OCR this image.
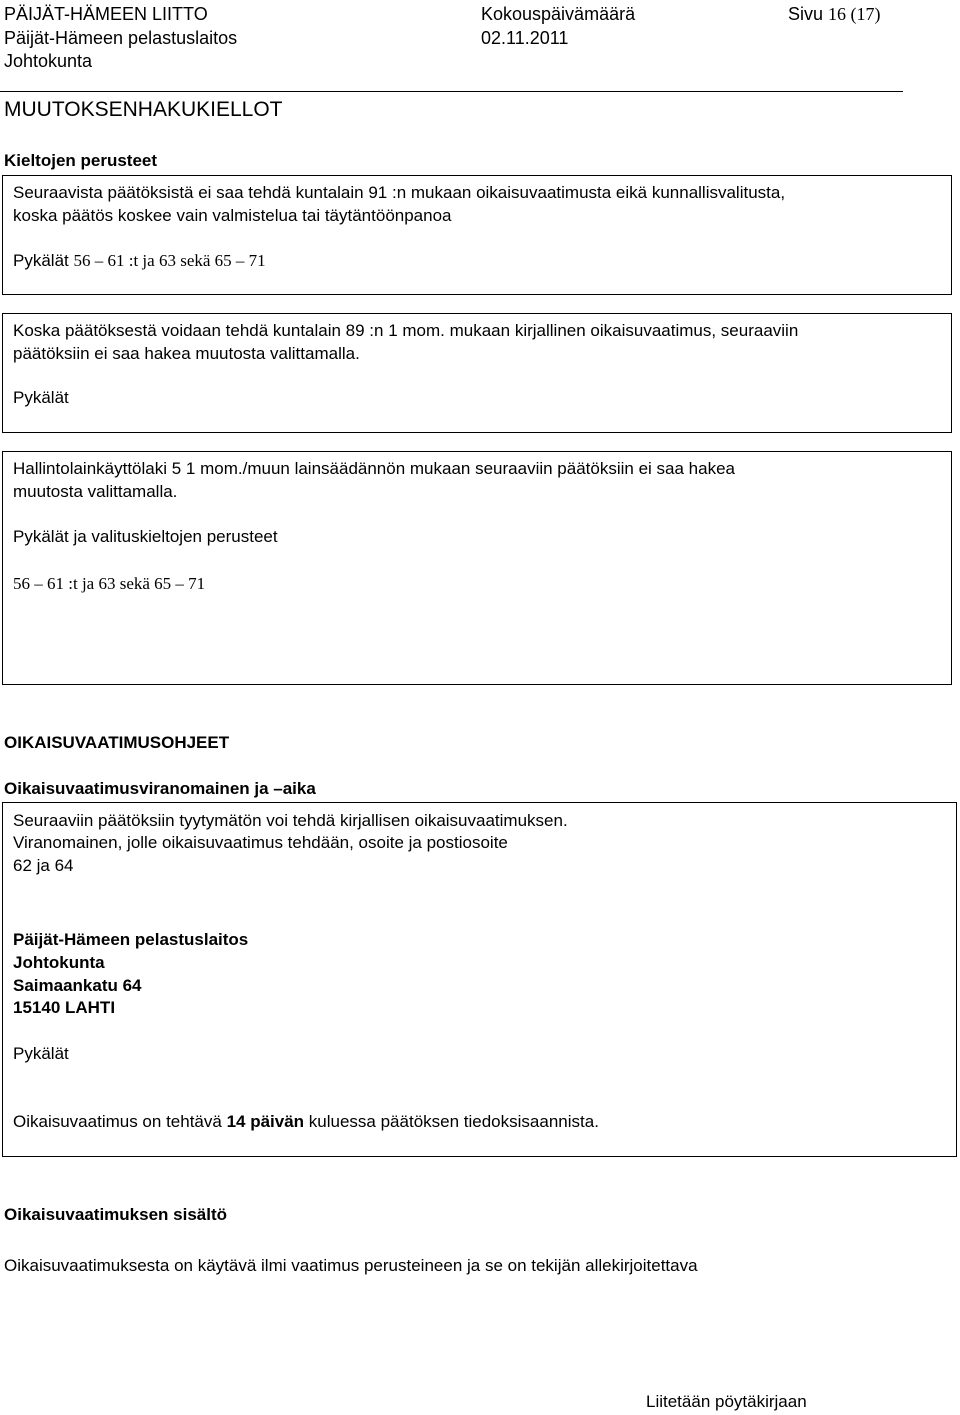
PÄIJÄT-HÄMEEN LIITTO
Päijät-Hämeen pelastuslaitos
Johtokunta
Kokouspäivämäärä
02.11.2011
Sivu 16 (17)
MUUTOKSENHAKUKIELLOT
Kieltojen perusteet
Seuraavista päätöksistä ei saa tehdä kuntalain 91 :n mukaan oikaisuvaatimusta eikä kunnallisvalitusta,
koska päätös koskee vain valmistelua tai täytäntöönpanoa
Pykälät 56 – 61 :t ja 63 sekä 65 – 71
Koska päätöksestä voidaan tehdä kuntalain 89 :n 1 mom. mukaan kirjallinen oikaisuvaatimus, seuraaviin
päätöksiin ei saa hakea muutosta valittamalla.
Pykälät
Hallintolainkäyttölaki 5 1 mom./muun lainsäädännön mukaan seuraaviin päätöksiin ei saa hakea
muutosta valittamalla.
Pykälät ja valituskieltojen perusteet
56 – 61 :t ja 63 sekä 65 – 71
OIKAISUVAATIMUSOHJEET
Oikaisuvaatimusviranomainen ja –aika
Seuraaviin päätöksiin tyytymätön voi tehdä kirjallisen oikaisuvaatimuksen.
Viranomainen, jolle oikaisuvaatimus tehdään, osoite ja postiosoite
62 ja 64
Päijät-Hämeen pelastuslaitos
Johtokunta
Saimaankatu 64
15140 LAHTI
Pykälät
Oikaisuvaatimus on tehtävä 14 päivän kuluessa päätöksen tiedoksisaannista.
Oikaisuvaatimuksen sisältö
Oikaisuvaatimuksesta on käytävä ilmi vaatimus perusteineen ja se on tekijän allekirjoitettava
Liitetään pöytäkirjaan
